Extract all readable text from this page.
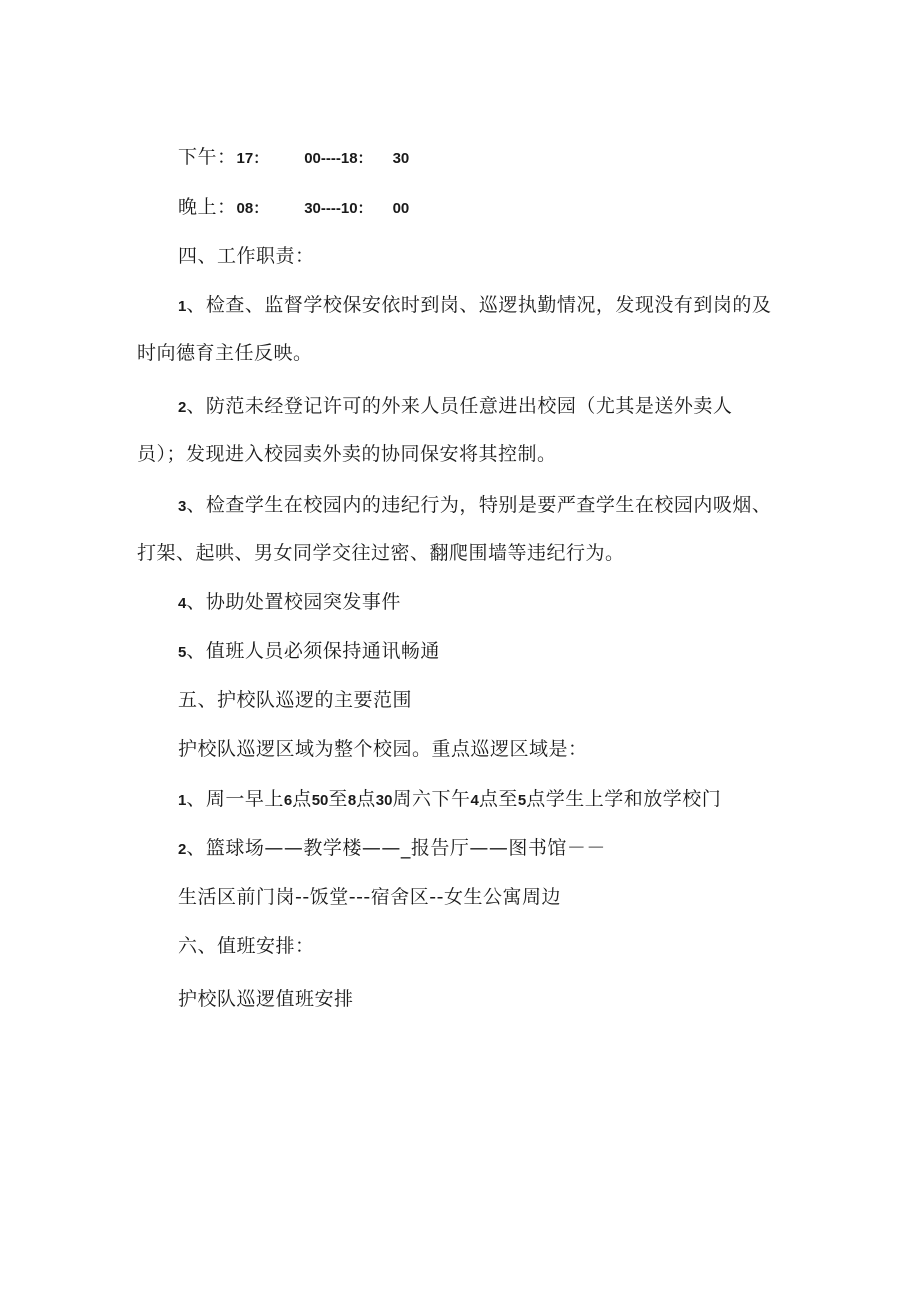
下午：17： 00----18： 30
晚上：08： 30----10： 00
四、工作职责：
1、检查、监督学校保安依时到岗、巡逻执勤情况，发现没有到岗的及
时向德育主任反映。
2、防范未经登记许可的外来人员任意进出校园（尤其是送外卖人
员）；发现进入校园卖外卖的协同保安将其控制。
3、检查学生在校园内的违纪行为，特别是要严查学生在校园内吸烟、
打架、起哄、男女同学交往过密、翻爬围墙等违纪行为。
4、协助处置校园突发事件
5、值班人员必须保持通讯畅通
五、护校队巡逻的主要范围
护校队巡逻区域为整个校园。重点巡逻区域是：
1、周一早上6点50至8点30周六下午4点至5点学生上学和放学校门
2、篮球场——教学楼——_报告厅——图书馆－－
生活区前门岗--饭堂---宿舍区--女生公寓周边
六、值班安排：
护校队巡逻值班安排
